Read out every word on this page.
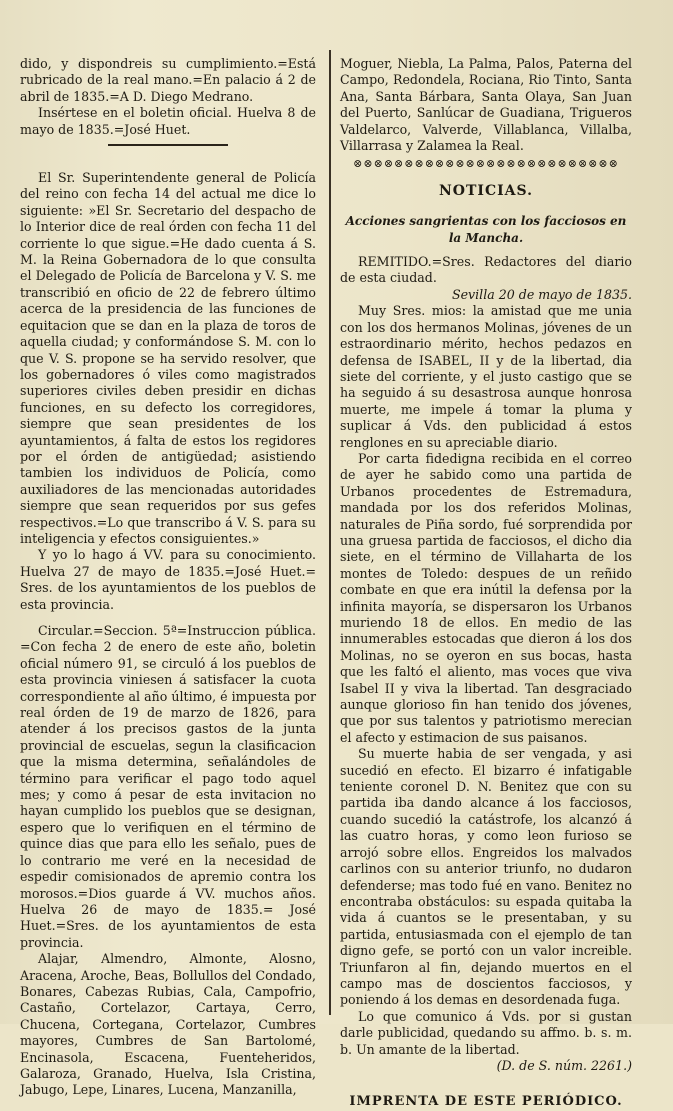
dido, y dispondreis su cumplimiento.=Está rubricado de la real mano.=En palacio á 2 de abril de 1835.=A D. Diego Medrano.

Insértese en el boletin oficial. Huelva 8 de mayo de 1835.=José Huet.

El Sr. Superintendente general de Policía del reino con fecha 14 del actual me dice lo siguiente: »El Sr. Secretario del despacho de lo Interior dice de real órden con fecha 11 del corriente lo que sigue.=He dado cuenta á S. M. la Reina Gobernadora de lo que consulta el Delegado de Policía de Barcelona y V. S. me transcribió en oficio de 22 de febrero último acerca de la presidencia de las funciones de equitacion que se dan en la plaza de toros de aquella ciudad; y conformándose S. M. con lo que V. S. propone se ha servido resolver, que los gobernadores ó viles como magistrados superiores civiles deben presidir en dichas funciones, en su defecto los corregidores, siempre que sean presidentes de los ayuntamientos, á falta de estos los regidores por el órden de antigüedad; asistiendo tambien los individuos de Policía, como auxiliadores de las mencionadas autoridades siempre que sean requeridos por sus gefes respectivos.=Lo que transcribo á V. S. para su inteligencia y efectos consiguientes.»

Y yo lo hago á VV. para su conocimiento. Huelva 27 de mayo de 1835.=José Huet.= Sres. de los ayuntamientos de los pueblos de esta provincia.

Circular.=Seccion. 5ª=Instruccion pública. =Con fecha 2 de enero de este año, boletin oficial número 91, se circuló á los pueblos de esta provincia viniesen á satisfacer la cuota correspondiente al año último, é impuesta por real órden de 19 de marzo de 1826, para atender á los precisos gastos de la junta provincial de escuelas, segun la clasificacion que la misma determina, señalándoles de término para verificar el pago todo aquel mes; y como á pesar de esta invitacion no hayan cumplido los pueblos que se designan, espero que lo verifiquen en el término de quince dias que para ello les señalo, pues de lo contrario me veré en la necesidad de espedir comisionados de apremio contra los morosos.=Dios guarde á VV. muchos años. Huelva 26 de mayo de 1835.= José Huet.=Sres. de los ayuntamientos de esta provincia.

Alajar, Almendro, Almonte, Alosno, Aracena, Aroche, Beas, Bollullos del Condado, Bonares, Cabezas Rubias, Cala, Campofrio, Castaño, Cortelazor, Cartaya, Cerro, Chucena, Cortegana, Cortelazor, Cumbres mayores, Cumbres de San Bartolomé, Encinasola, Escacena, Fuenteheridos, Galaroza, Granado, Huelva, Isla Cristina, Jabugo, Lepe, Linares, Lucena, Manzanilla,

Moguer, Niebla, La Palma, Palos, Paterna del Campo, Redondela, Rociana, Rio Tinto, Santa Ana, Santa Bárbara, Santa Olaya, San Juan del Puerto, Sanlúcar de Guadiana, Trigueros Valdelarco, Valverde, Villablanca, Villalba, Villarrasa y Zalamea la Real.

⊗⊗⊗⊗⊗⊗⊗⊗⊗⊗⊗⊗⊗⊗⊗⊗⊗⊗⊗⊗⊗⊗⊗⊗⊗⊗
NOTICIAS.
Acciones sangrientas con los facciosos en la Mancha.

REMITIDO.=Sres. Redactores del diario de esta ciudad.

Sevilla 20 de mayo de 1835.

Muy Sres. mios: la amistad que me unia con los dos hermanos Molinas, jóvenes de un estraordinario mérito, hechos pedazos en defensa de ISABEL, II y de la libertad, dia siete del corriente, y el justo castigo que se ha seguido á su desastrosa aunque honrosa muerte, me impele á tomar la pluma y suplicar á Vds. den publicidad á estos renglones en su apreciable diario.

Por carta fidedigna recibida en el correo de ayer he sabido como una partida de Urbanos procedentes de Estremadura, mandada por los dos referidos Molinas, naturales de Piña sordo, fué sorprendida por una gruesa partida de facciosos, el dicho dia siete, en el término de Villaharta de los montes de Toledo: despues de un reñido combate en que era inútil la defensa por la infinita mayoría, se dispersaron los Urbanos muriendo 18 de ellos. En medio de las innumerables estocadas que dieron á los dos Molinas, no se oyeron en sus bocas, hasta que les faltó el aliento, mas voces que viva Isabel II y viva la libertad. Tan desgraciado aunque glorioso fin han tenido dos jóvenes, que por sus talentos y patriotismo merecian el afecto y estimacion de sus paisanos.

Su muerte habia de ser vengada, y asi sucedió en efecto. El bizarro é infatigable teniente coronel D. N. Benitez que con su partida iba dando alcance á los facciosos, cuando sucedió la catástrofe, los alcanzó á las cuatro horas, y como leon furioso se arrojó sobre ellos. Engreidos los malvados carlinos con su anterior triunfo, no dudaron defenderse; mas todo fué en vano. Benitez no encontraba obstáculos: su espada quitaba la vida á cuantos se le presentaban, y su partida, entusiasmada con el ejemplo de tan digno gefe, se portó con un valor increible. Triunfaron al fin, dejando muertos en el campo mas de doscientos facciosos, y poniendo á los demas en desordenada fuga.

Lo que comunico á Vds. por si gustan darle publicidad, quedando su affmo. b. s. m. b. Un amante de la libertad.

(D. de S. núm. 2261.)

IMPRENTA DE ESTE PERIÓDICO.
